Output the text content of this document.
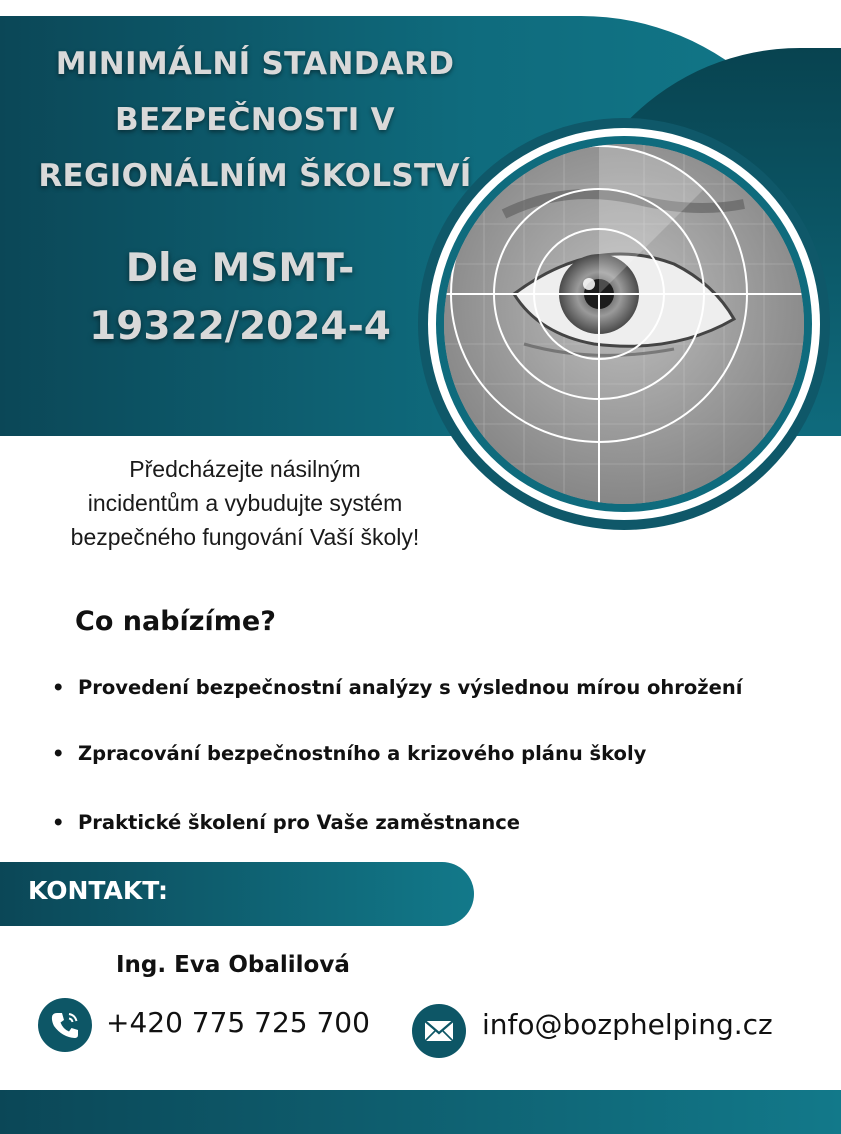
MINIMÁLNÍ STANDARD
BEZPEČNOSTI V
REGIONÁLNÍM ŠKOLSTVÍ
Dle MSMT-
19322/2024-4

Předcházejte násilným
incidentům a vybudujte systém
bezpečného fungování Vaší školy!

Co nabízíme?

• Provedení bezpečnostní analýzy s výslednou mírou ohrožení

• Zpracování bezpečnostního a krizového plánu školy

• Praktické školení pro Vaše zaměstnance

KONTAKT:

Ing. Eva Obalilová

+420 775 725 700	info@bozphelping.cz
